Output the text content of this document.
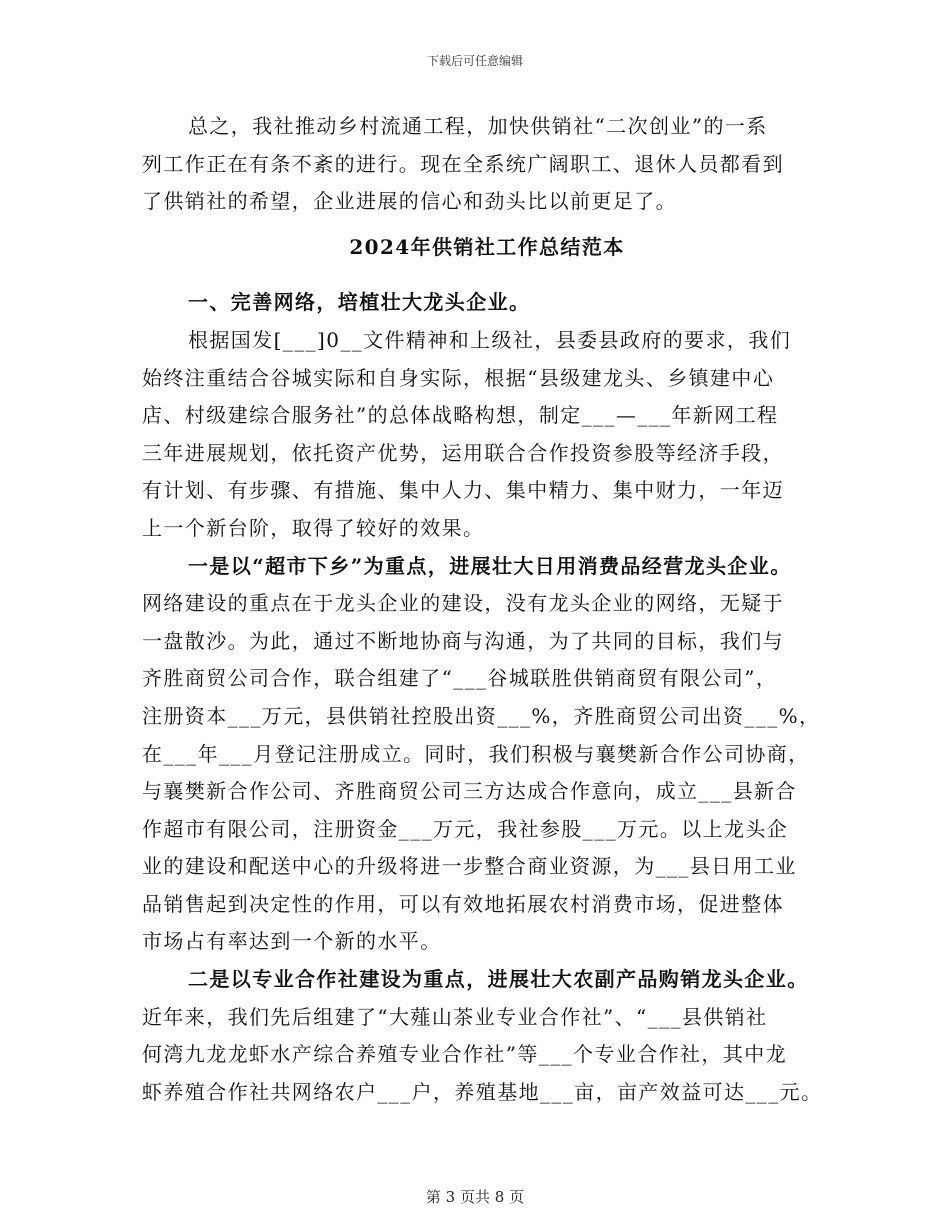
下载后可任意编辑
总之，我社推动乡村流通工程，加快供销社“二次创业”的一系
列工作正在有条不紊的进行。现在全系统广阔职工、退休人员都看到
了供销社的希望，企业进展的信心和劲头比以前更足了。
2024年供销社工作总结范本
一、完善网络，培植壮大龙头企业。
根据国发[___]0__文件精神和上级社，县委县政府的要求，我们
始终注重结合谷城实际和自身实际，根据“县级建龙头、乡镇建中心
店、村级建综合服务社”的总体战略构想，制定___—___年新网工程
三年进展规划，依托资产优势，运用联合合作投资参股等经济手段，
有计划、有步骤、有措施、集中人力、集中精力、集中财力，一年迈
上一个新台阶，取得了较好的效果。
一是以“超市下乡”为重点，进展壮大日用消费品经营龙头企业。
网络建设的重点在于龙头企业的建设，没有龙头企业的网络，无疑于
一盘散沙。为此，通过不断地协商与沟通，为了共同的目标，我们与
齐胜商贸公司合作，联合组建了“___谷城联胜供销商贸有限公司”，
注册资本___万元，县供销社控股出资___%，齐胜商贸公司出资___%，
在___年___月登记注册成立。同时，我们积极与襄樊新合作公司协商，
与襄樊新合作公司、齐胜商贸公司三方达成合作意向，成立___县新合
作超市有限公司，注册资金___万元，我社参股___万元。以上龙头企
业的建设和配送中心的升级将进一步整合商业资源，为___县日用工业
品销售起到决定性的作用，可以有效地拓展农村消费市场，促进整体
市场占有率达到一个新的水平。
二是以专业合作社建设为重点，进展壮大农副产品购销龙头企业。
近年来，我们先后组建了“大薤山茶业专业合作社”、“___县供销社
何湾九龙龙虾水产综合养殖专业合作社”等___个专业合作社，其中龙
虾养殖合作社共网络农户___户，养殖基地___亩，亩产效益可达___元。
第 3 页共 8 页
